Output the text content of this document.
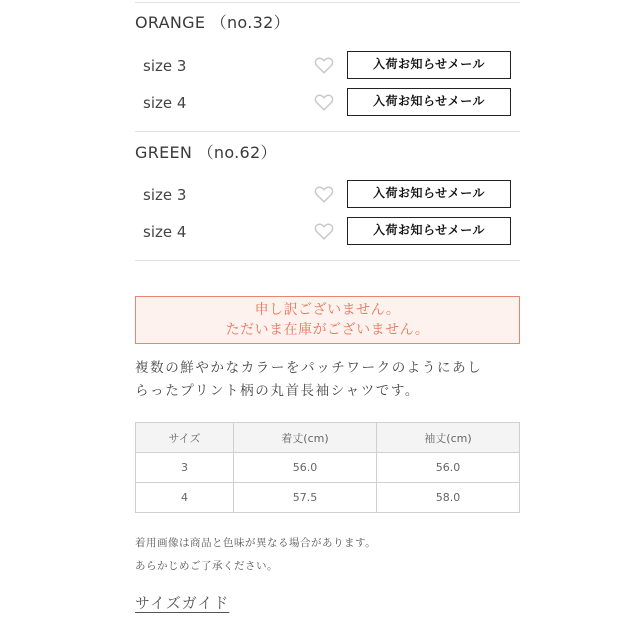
ORANGE （no.32）
size 3	入荷お知らせメール
size 4	入荷お知らせメール
GREEN （no.62）
size 3	入荷お知らせメール
size 4	入荷お知らせメール
申し訳ございません。
ただいま在庫がございません。
複数の鮮やかなカラーをパッチワークのようにあし
らったプリント柄の丸首長袖シャツです。
サイズ	着丈(cm)	袖丈(cm)
3	56.0	56.0
4	57.5	58.0
着用画像は商品と色味が異なる場合があります。
あらかじめご了承ください。
サイズガイド
